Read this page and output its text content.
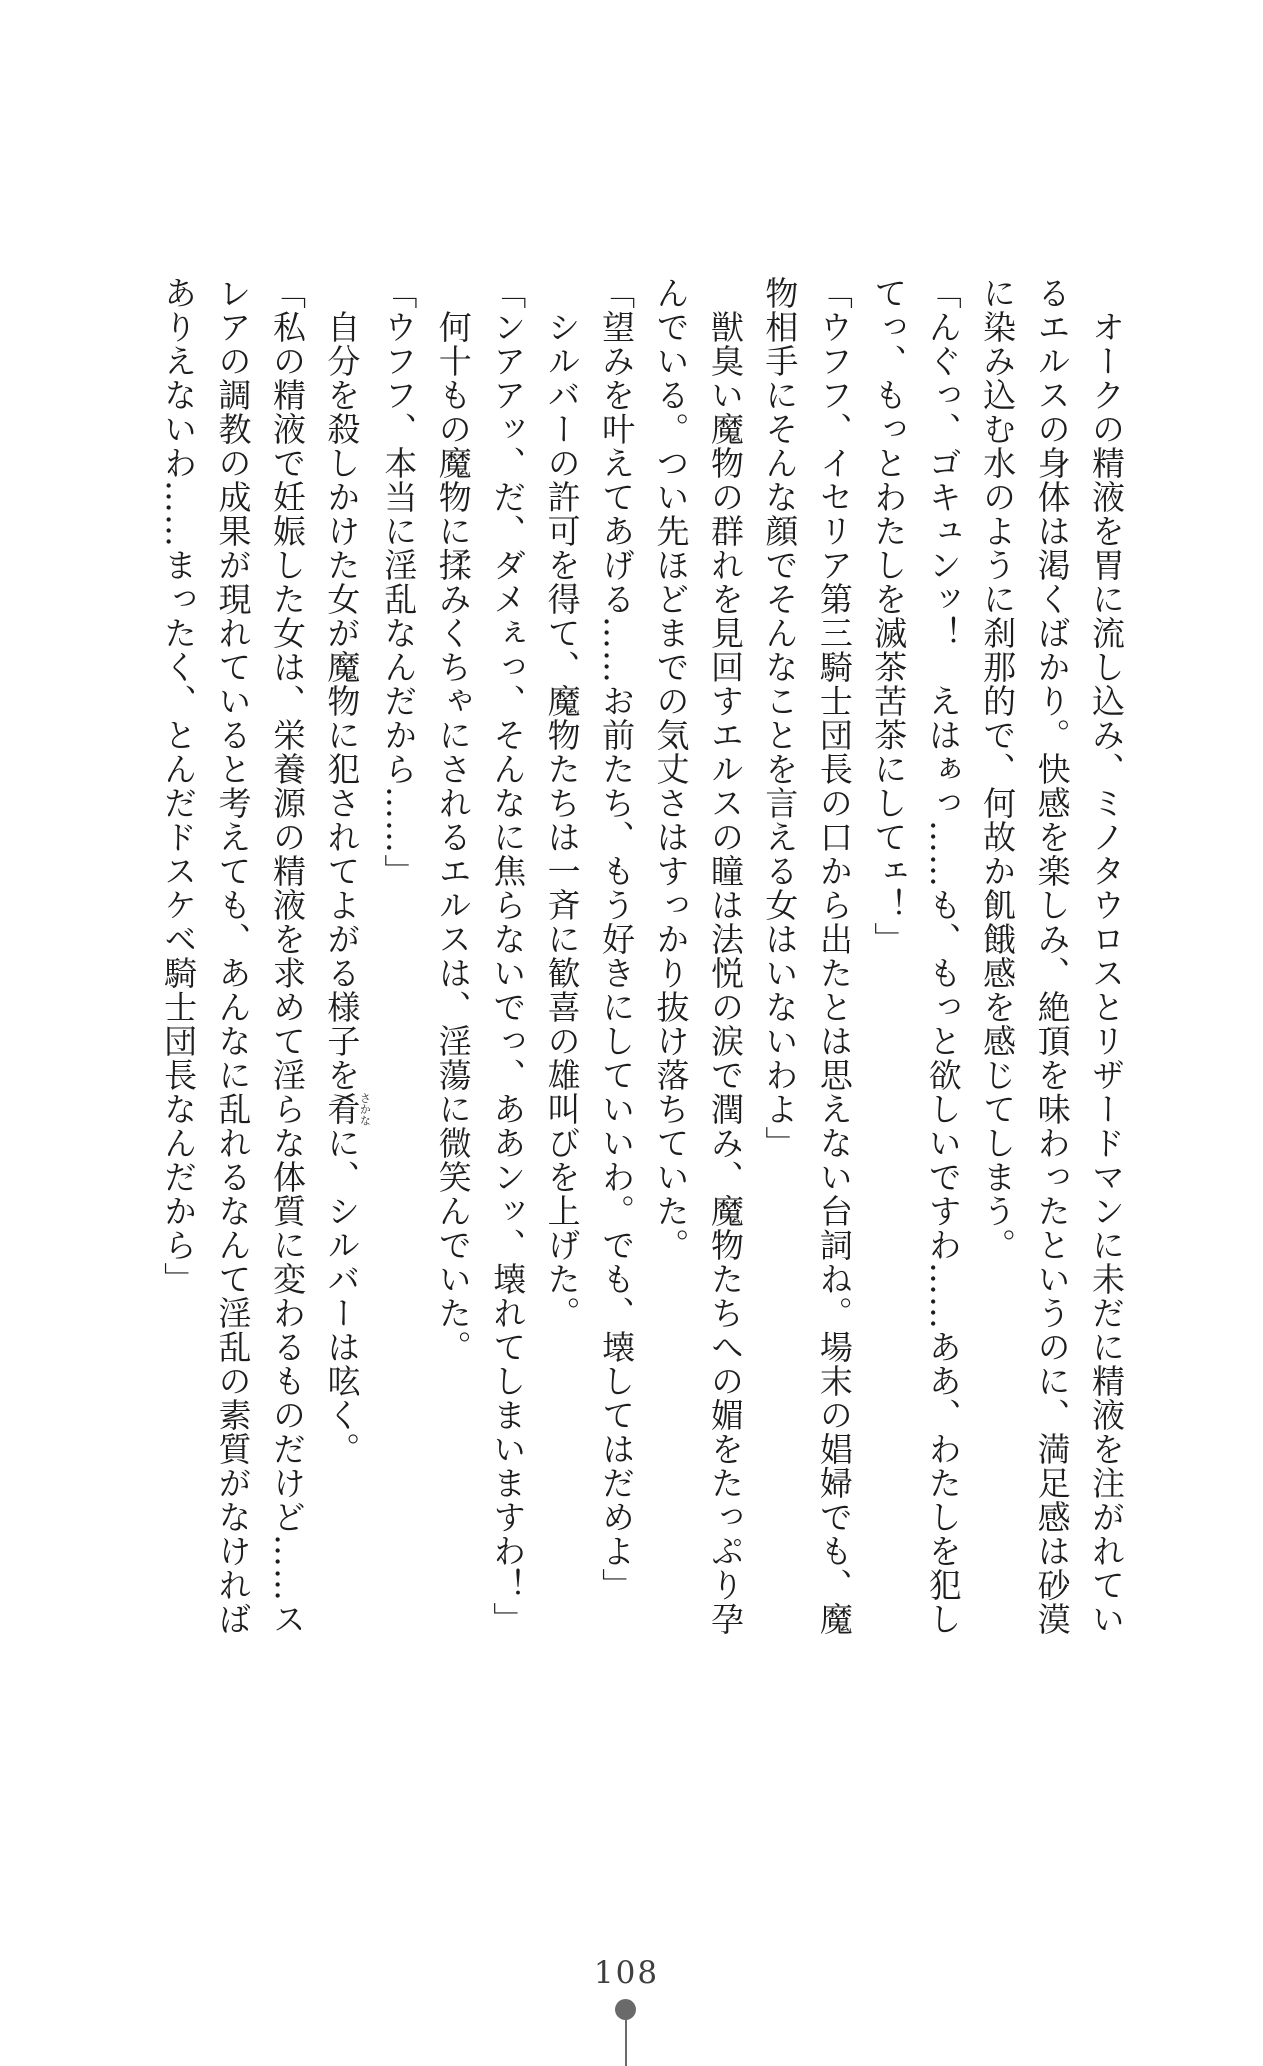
　オークの精液を胃に流し込み、ミノタウロスとリザードマンに未だに精液を注がれてい
るエルスの身体は渇くばかり。快感を楽しみ、絶頂を味わったというのに、満足感は砂漠
に染み込む水のように刹那的で、何故か飢餓感を感じてしまう。
「んぐっ、ゴキュンッ！　えはぁっ……も、もっと欲しいですわ……ああ、わたしを犯し
てっ、もっとわたしを滅茶苦茶にしてェ！」
「ウフフ、イセリア第三騎士団長の口から出たとは思えない台詞ね。場末の娼婦でも、魔
物相手にそんな顔でそんなことを言える女はいないわよ」
　獣臭い魔物の群れを見回すエルスの瞳は法悦の涙で潤み、魔物たちへの媚をたっぷり孕
んでいる。つい先ほどまでの気丈さはすっかり抜け落ちていた。
「望みを叶えてあげる……お前たち、もう好きにしていいわ。でも、壊してはだめよ」
　シルバーの許可を得て、魔物たちは一斉に歓喜の雄叫びを上げた。
「ンアアッ、だ、ダメぇっ、そんなに焦らないでっ、ああンッ、壊れてしまいますわ！」
　何十もの魔物に揉みくちゃにされるエルスは、淫蕩に微笑んでいた。
「ウフフ、本当に淫乱なんだから……」
　自分を殺しかけた女が魔物に犯されてよがる様子を肴さかなに、シルバーは呟く。
「私の精液で妊娠した女は、栄養源の精液を求めて淫らな体質に変わるものだけど……ス
レアの調教の成果が現れていると考えても、あんなに乱れるなんて淫乱の素質がなければ
ありえないわ……まったく、とんだドスケベ騎士団長なんだから」
108
